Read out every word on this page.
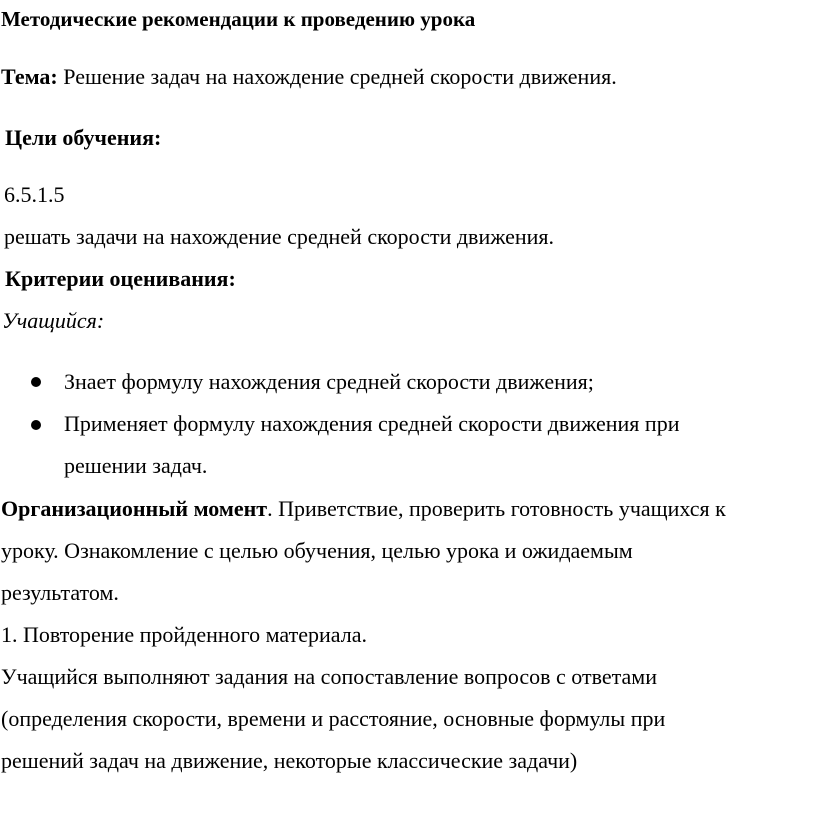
Методические рекомендации к проведению урока
Тема: Решение задач на нахождение средней скорости движения.
Цели обучения:
6.5.1.5
решать задачи на нахождение средней скорости движения.
Критерии оценивания:
Учащийся:
Знает формулу нахождения средней скорости движения;
Применяет формулу нахождения средней скорости движения при
решении задач.
Организационный момент. Приветствие, проверить готовность учащихся к
уроку. Ознакомление с целью обучения, целью урока и ожидаемым
результатом.
1. Повторение пройденного материала.
Учащийся выполняют задания на сопоставление вопросов с ответами
(определения скорости, времени и расстояние, основные формулы при
решений задач на движение, некоторые классические задачи)
